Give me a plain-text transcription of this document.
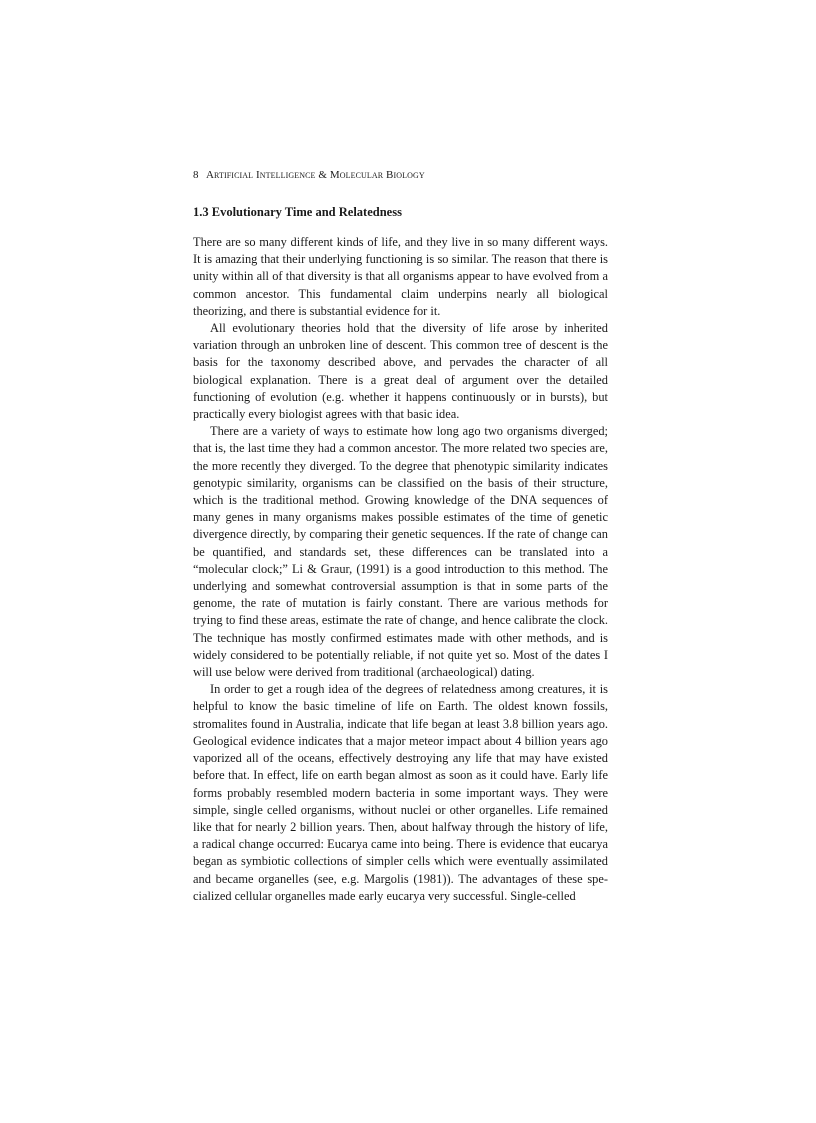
8 Artificial Intelligence & Molecular Biology
1.3 Evolutionary Time and Relatedness

There are so many different kinds of life, and they live in so many different ways. It is amazing that their underlying functioning is so similar. The reason that there is unity within all of that diversity is that all organisms appear to have evolved from a common ancestor. This fundamental claim underpins nearly all biological theorizing, and there is substantial evidence for it.

All evolutionary theories hold that the diversity of life arose by inherited variation through an unbroken line of descent. This common tree of descent is the basis for the taxonomy described above, and pervades the character of all biological explanation. There is a great deal of argument over the detailed functioning of evolution (e.g. whether it happens continuously or in bursts), but practically every biologist agrees with that basic idea.

There are a variety of ways to estimate how long ago two organisms diverged; that is, the last time they had a common ancestor. The more related two species are, the more recently they diverged. To the degree that phenotypic similarity indicates genotypic similarity, organisms can be classified on the basis of their structure, which is the traditional method. Growing knowledge of the DNA sequences of many genes in many organisms makes possible estimates of the time of genetic divergence directly, by comparing their genetic sequences. If the rate of change can be quantified, and standards set, these differences can be translated into a “molecular clock;” Li & Graur, (1991) is a good introduction to this method. The underlying and somewhat controversial assumption is that in some parts of the genome, the rate of mutation is fairly constant. There are various methods for trying to find these areas, estimate the rate of change, and hence calibrate the clock. The technique has mostly confirmed estimates made with other methods, and is widely considered to be potentially reliable, if not quite yet so. Most of the dates I will use below were derived from traditional (archaeological) dating.

In order to get a rough idea of the degrees of relatedness among creatures, it is helpful to know the basic timeline of life on Earth. The oldest known fossils, stromalites found in Australia, indicate that life began at least 3.8 billion years ago. Geological evidence indicates that a major meteor impact about 4 billion years ago vaporized all of the oceans, effectively destroying any life that may have existed before that. In effect, life on earth began almost as soon as it could have. Early life forms probably resembled modern bacteria in some important ways. They were simple, single celled organisms, without nuclei or other organelles. Life remained like that for nearly 2 billion years. Then, about halfway through the history of life, a radical change occurred: Eucarya came into being. There is evidence that eucarya began as symbiotic collections of simpler cells which were eventually assimilated and became organelles (see, e.g. Margolis (1981)). The advantages of these specialized cellular organelles made early eucarya very successful. Single-celled
